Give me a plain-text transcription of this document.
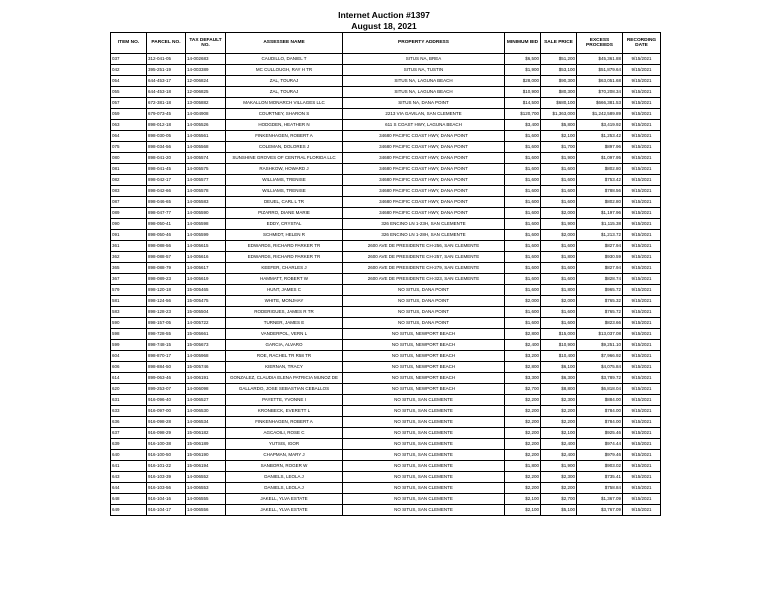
Internet Auction #1397
August 18, 2021
ITEM NO.	PARCEL NO.	TAX DEFAULT NO.	ASSESSEE NAME	PROPERTY ADDRESS	MINIMUM BID	SALE PRICE	EXCESS PROCEEDS	RECORDING DATE
037	312-041-05	14-002683	CAUDILLO, DANIEL T	SITUS NA, BREA	$6,500	$51,200	$45,361.88	9/15/2021
042	395-251-19	14-003389	MC CULLOUGH, RAY H TR	SITUS NA, TUSTIN	$1,900	$53,100	$51,879.64	9/15/2021
054	644-453-17	12-006824	ZAL, TOURAJ	SITUS NA, LAGUNA BEACH	$28,000	$90,300	$63,051.68	9/15/2021
055	644-453-18	12-006825	ZAL, TOURAJ	SITUS NA, LAGUNA BEACH	$10,900	$80,300	$70,208.34	9/15/2021
057	672-381-18	13-005882	MAKALLON MONARCH VILLAGES LLC	SITUS NA, DANA POINT	$14,500	$680,100	$666,381.53	9/15/2021
059	679-073-45	14-004908	COURTNEY, SHARON S	2213 VIA GAVILAN, SAN CLEMENTE	$120,700	$1,363,000	$1,242,589.89	9/15/2021
063	898-012-18	14-005526	HODGDEN, HEATHER N	611 S COAST HWY, LAGUNA BEACH	$3,400	$5,800	$3,419.92	9/15/2021
064	898-030-05	14-005561	FINKENHAGEN, ROBERT A	34680 PACIFIC COAST HWY, DANA POINT	$1,600	$2,100	$1,253.42	9/15/2021
075	898-034-56	14-005568	COLEMAN, DOLORES J	34680 PACIFIC COAST HWY, DANA POINT	$1,600	$1,700	$897.96	9/15/2021
080	898-041-20	14-005574	SUNSHINE GROVES OF CENTRAL FLORIDA LLC	34680 PACIFIC COAST HWY, DANA POINT	$1,600	$1,900	$1,097.95	9/15/2021
081	898-041-45	14-005575	RASHKOW, HOWARD J	34680 PACIFIC COAST HWY, DANA POINT	$1,600	$1,600	$802.80	9/15/2021
082	898-042-17	14-005577	WILLIAMS, TRENISE	34680 PACIFIC COAST HWY, DANA POINT	$1,600	$1,600	$753.42	9/15/2021
083	898-042-66	14-005578	WILLIAMS, TRENISE	34680 PACIFIC COAST HWY, DANA POINT	$1,600	$1,600	$788.56	9/15/2021
087	898-046-65	14-005583	DEUEL, CARL L TR	34680 PACIFIC COAST HWY, DANA POINT	$1,600	$1,600	$802.80	9/15/2021
089	898-047-77	14-005590	PIZARRO, DIANE MARIE	34680 PACIFIC COAST HWY, DANA POINT	$1,600	$2,000	$1,197.96	9/15/2021
090	898-050-41	14-005598	EDDY, CRYSTAL	326 ENCINO LN 1-23H, SAN CLEMENTE	$1,600	$1,900	$1,115.38	9/15/2021
091	898-050-46	14-005599	SCHMIDT, HELEN R	326 ENCINO LN 1-28H, SAN CLEMENTE	$1,600	$2,000	$1,213.72	9/15/2021
361	898-088-56	14-005615	EDWARDS, RICHARD PARKER TR	2600 AVE DE PRESIDENTE CH-256, SAN CLEMENTE	$1,600	$1,600	$827.94	9/15/2021
362	898-088-57	14-005616	EDWARDS, RICHARD PARKER TR	2600 AVE DE PRESIDENTE CH-257, SAN CLEMENTE	$1,600	$1,800	$930.59	9/15/2021
365	898-088-79	14-005617	KEEFER, CHARLES J	2600 AVE DE PRESIDENTE CH-279, SAN CLEMENTE	$1,600	$1,600	$827.94	9/15/2021
367	898-089-23	14-005619	HAMMATT, ROBERT W	2600 AVE DE PRESIDENTE CH-323, SAN CLEMENTE	$1,600	$1,600	$828.74	9/15/2021
579	898-120-18	15-005465	HUNT, JAMES C	NO SITUS, DANA POINT	$1,600	$1,800	$965.72	9/15/2021
581	898-124-56	15-005475	WHITE, MONJHAY	NO SITUS, DANA POINT	$2,000	$2,000	$765.32	9/15/2021
583	898-128-23	15-005504	RODERIGUES, JAMES R TR	NO SITUS, DANA POINT	$1,600	$1,600	$765.72	9/15/2021
590	898-157-05	14-005722	TURNER, JAMES E	NO SITUS, DANA POINT	$1,600	$1,600	$823.66	9/15/2021
598	898-728-55	15-005661	VANDERPOL, VERN L	NO SITUS, NEWPORT BEACH	$2,800	$15,000	$13,037.08	9/15/2021
599	898-748-15	15-005673	GARCIA, ALVARO	NO SITUS, NEWPORT BEACH	$2,400	$10,900	$9,251.10	9/15/2021
604	898-870-17	14-005968	ROE, RACHEL TR R58 TR	NO SITUS, NEWPORT BEACH	$3,200	$10,400	$7,966.92	9/15/2021
606	898-884-50	15-005746	KIERNAN, TRACY	NO SITUS, NEWPORT BEACH	$2,800	$6,100	$4,075.84	9/15/2021
614	899-063-46	14-006191	GONZALEZ, CLAUDIA ELENA PATRICIA MUNOZ DE	NO SITUS, NEWPORT BEACH	$3,300	$6,300	$3,789.72	9/15/2021
620	899-253-07	14-006098	GALLARDO, JOSE SEBASTIAN CEBALLOS	NO SITUS, NEWPORT BEACH	$2,700	$8,800	$6,818.04	9/15/2021
631	916-096-40	14-006527	PAYETTE, YVONNE I	NO SITUS, SAN CLEMENTE	$2,200	$2,300	$884.00	9/15/2021
633	916-097-00	14-006530	KRONBECK, EVERETT L	NO SITUS, SAN CLEMENTE	$2,200	$2,200	$784.00	9/15/2021
636	916-098-28	14-006534	FINKENHAGEN, ROBERT A	NO SITUS, SAN CLEMENTE	$2,200	$2,200	$784.00	9/15/2021
637	916-098-29	15-006182	AGCAOILI, ROSE C	NO SITUS, SAN CLEMENTE	$2,200	$2,100	$925.46	9/15/2021
639	916-100-38	15-006189	YUTSIS, IGOR	NO SITUS, SAN CLEMENTE	$2,200	$2,400	$974.44	9/15/2021
640	916-100-50	15-006190	CHAPMAN, MARY J	NO SITUS, SAN CLEMENTE	$2,200	$2,400	$979.46	9/15/2021
641	916-101-22	15-006194	SANBORN, ROGER W	NO SITUS, SAN CLEMENTE	$1,800	$1,900	$903.02	9/15/2021
643	916-103-39	14-006552	DANIELS, LEOLA J	NO SITUS, SAN CLEMENTE	$2,200	$2,300	$735.41	9/15/2021
644	916-103-56	14-006553	DANIELS, LEOLA J	NO SITUS, SAN CLEMENTE	$2,200	$2,200	$758.84	9/15/2021
648	916-104-16	14-006555	JAKELL, YLVA ESTATE	NO SITUS, SAN CLEMENTE	$2,100	$2,700	$1,367.09	9/15/2021
649	916-104-17	14-006556	JAKELL, YLVA ESTATE	NO SITUS, SAN CLEMENTE	$2,100	$5,100	$3,767.09	9/15/2021
